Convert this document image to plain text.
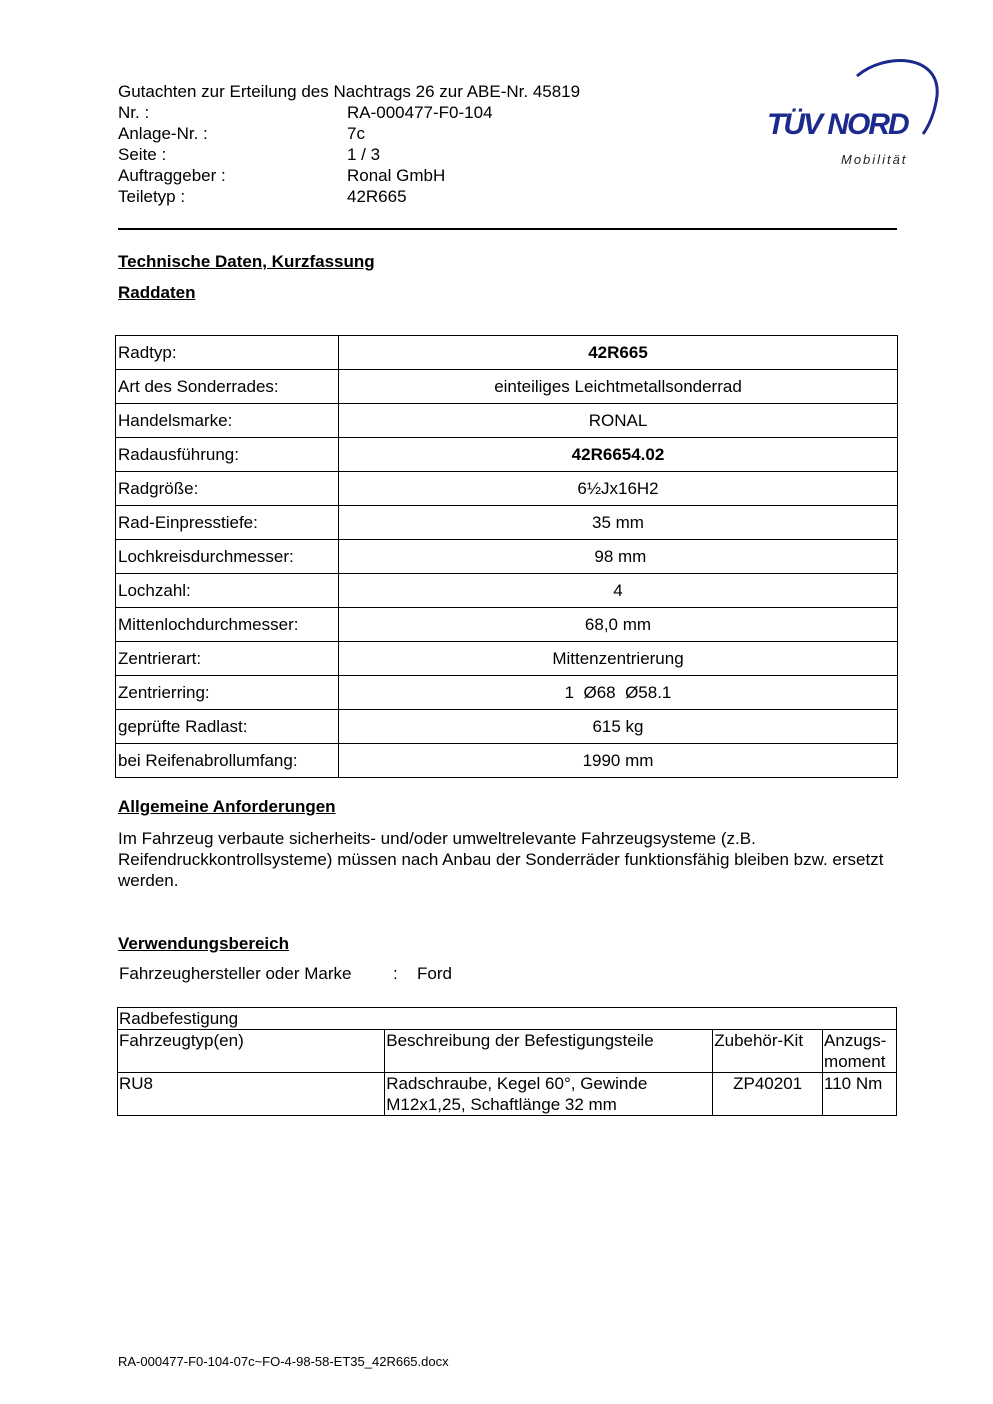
Gutachten zur Erteilung des Nachtrags 26 zur ABE-Nr. 45819
Nr. :	RA-000477-F0-104
Anlage-Nr. :	7c
Seite :	1 / 3
Auftraggeber :	Ronal GmbH
Teiletyp :	42R665
TÜV NORD
Mobilität
Technische Daten, Kurzfassung
Raddaten
Radtyp:	42R665
Art des Sonderrades:	einteiliges Leichtmetallsonderrad
Handelsmarke:	RONAL
Radausführung:	42R6654.02
Radgröße:	6½Jx16H2
Rad-Einpresstiefe:	35 mm
Lochkreisdurchmesser:	98 mm
Lochzahl:	4
Mittenlochdurchmesser:	68,0 mm
Zentrierart:	Mittenzentrierung
Zentrierring:	1  Ø68  Ø58.1
geprüfte Radlast:	615 kg
bei Reifenabrollumfang:	1990 mm
Allgemeine Anforderungen
Im Fahrzeug verbaute sicherheits- und/oder umweltrelevante Fahrzeugsysteme (z.B. Reifendruckkontrollsysteme) müssen nach Anbau der Sonderräder funktionsfähig bleiben bzw. ersetzt werden.
Verwendungsbereich
Fahrzeughersteller oder Marke : Ford
Radbefestigung			
Fahrzeugtyp(en)	Beschreibung der Befestigungsteile	Zubehör-Kit	Anzugs-
moment
RU8	Radschraube, Kegel 60°, Gewinde
M12x1,25, Schaftlänge 32 mm	ZP40201	110 Nm
RA-000477-F0-104-07c~FO-4-98-58-ET35_42R665.docx
